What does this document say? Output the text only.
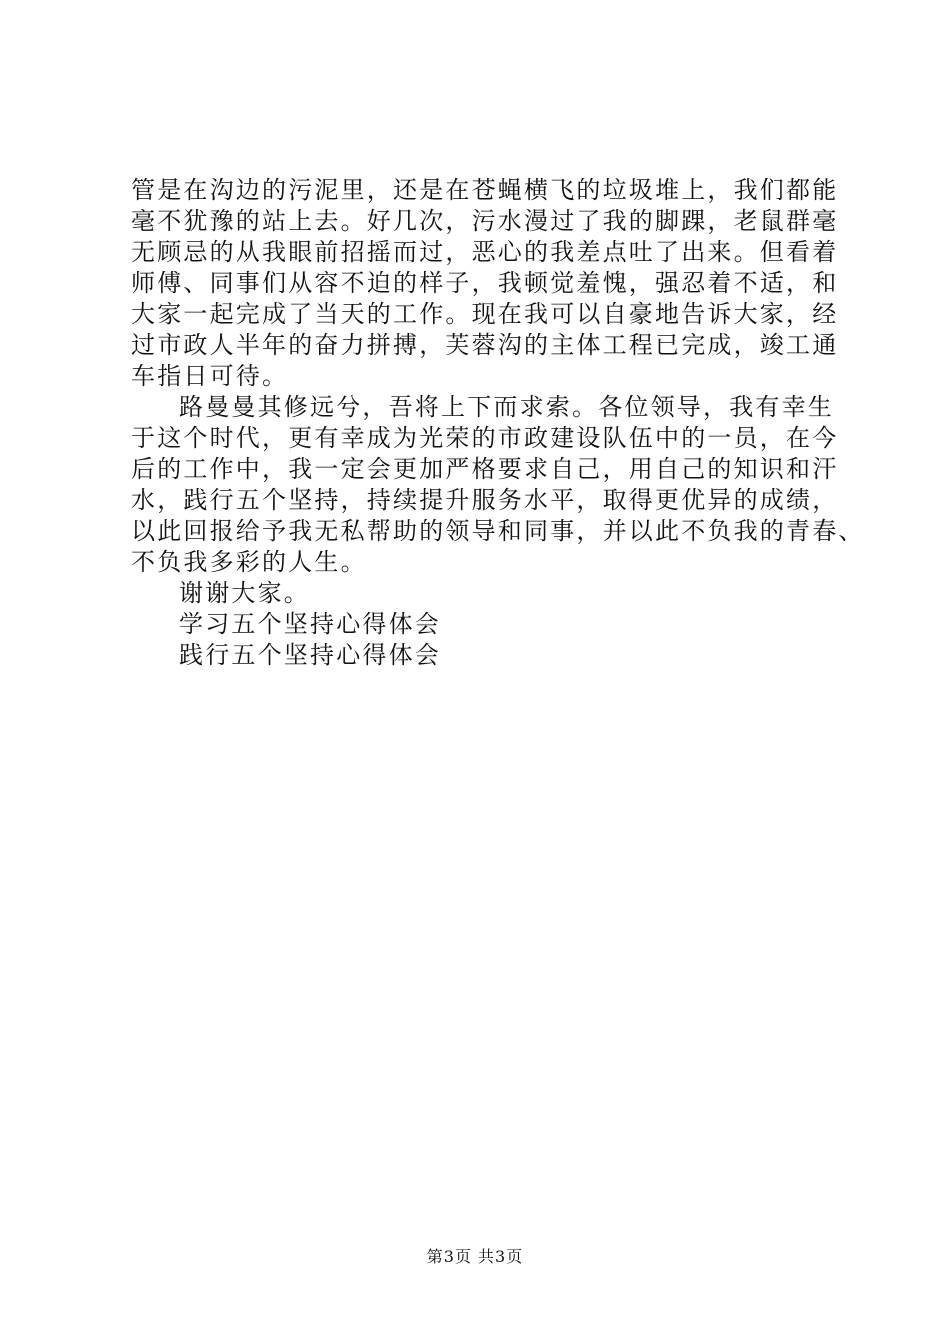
管是在沟边的污泥里，还是在苍蝇横飞的垃圾堆上，我们都能
毫不犹豫的站上去。好几次，污水漫过了我的脚踝，老鼠群毫
无顾忌的从我眼前招摇而过，恶心的我差点吐了出来。但看着
师傅、同事们从容不迫的样子，我顿觉羞愧，强忍着不适，和
大家一起完成了当天的工作。现在我可以自豪地告诉大家，经
过市政人半年的奋力拼搏，芙蓉沟的主体工程已完成，竣工通
车指日可待。
路曼曼其修远兮，吾将上下而求索。各位领导，我有幸生
于这个时代，更有幸成为光荣的市政建设队伍中的一员，在今
后的工作中，我一定会更加严格要求自己，用自己的知识和汗
水，践行五个坚持，持续提升服务水平，取得更优异的成绩，
以此回报给予我无私帮助的领导和同事，并以此不负我的青春、
不负我多彩的人生。
谢谢大家。
学习五个坚持心得体会
践行五个坚持心得体会
第3页 共3页
